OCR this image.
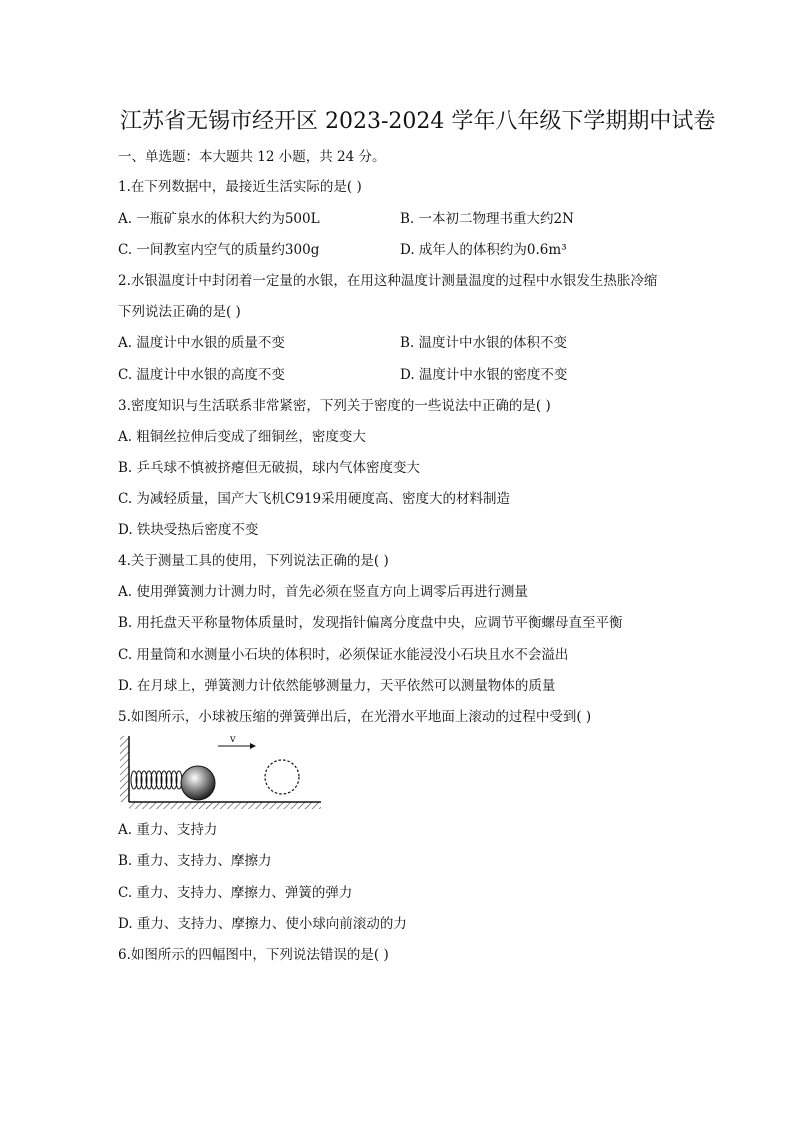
江苏省无锡市经开区 2023-2024 学年八年级下学期期中试卷
一、单选题：本大题共 12 小题，共 24 分。
1.在下列数据中，最接近生活实际的是( )
A. 一瓶矿泉水的体积大约为500L	B. 一本初二物理书重大约2N
C. 一间教室内空气的质量约300g	D. 成年人的体积约为0.6m³
2.水银温度计中封闭着一定量的水银，在用这种温度计测量温度的过程中水银发生热胀冷缩
下列说法正确的是( )
A. 温度计中水银的质量不变	B. 温度计中水银的体积不变
C. 温度计中水银的高度不变	D. 温度计中水银的密度不变
3.密度知识与生活联系非常紧密，下列关于密度的一些说法中正确的是( )
A. 粗铜丝拉伸后变成了细铜丝，密度变大
B. 乒乓球不慎被挤瘪但无破损，球内气体密度变大
C. 为减轻质量，国产大飞机C919采用硬度高、密度大的材料制造
D. 铁块受热后密度不变
4.关于测量工具的使用，下列说法正确的是( )
A. 使用弹簧测力计测力时，首先必须在竖直方向上调零后再进行测量
B. 用托盘天平称量物体质量时，发现指针偏离分度盘中央，应调节平衡螺母直至平衡
C. 用量筒和水测量小石块的体积时，必须保证水能浸没小石块且水不会溢出
D. 在月球上，弹簧测力计依然能够测量力，天平依然可以测量物体的质量
5.如图所示，小球被压缩的弹簧弹出后，在光滑水平地面上滚动的过程中受到( )
v
A. 重力、支持力
B. 重力、支持力、摩擦力
C. 重力、支持力、摩擦力、弹簧的弹力
D. 重力、支持力、摩擦力、使小球向前滚动的力
6.如图所示的四幅图中，下列说法错误的是( )
